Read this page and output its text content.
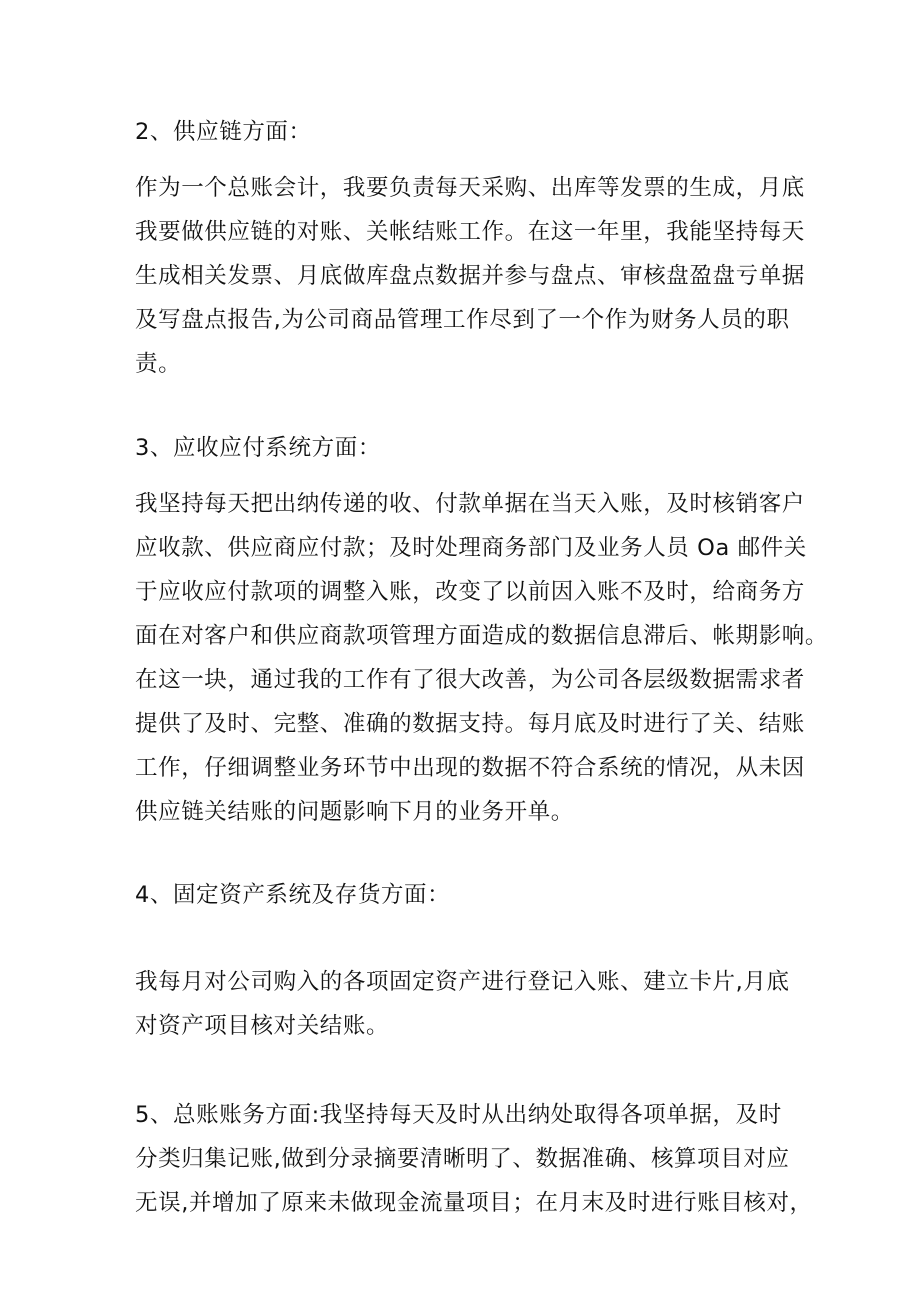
2、供应链方面：
作为一个总账会计，我要负责每天采购、出库等发票的生成，月底
我要做供应链的对账、关帐结账工作。在这一年里，我能坚持每天
生成相关发票、月底做库盘点数据并参与盘点、审核盘盈盘亏单据
及写盘点报告,为公司商品管理工作尽到了一个作为财务人员的职
责。
3、应收应付系统方面：
我坚持每天把出纳传递的收、付款单据在当天入账，及时核销客户
应收款、供应商应付款；及时处理商务部门及业务人员 Oa 邮件关
于应收应付款项的调整入账，改变了以前因入账不及时，给商务方
面在对客户和供应商款项管理方面造成的数据信息滞后、帐期影响。
在这一块，通过我的工作有了很大改善，为公司各层级数据需求者
提供了及时、完整、准确的数据支持。每月底及时进行了关、结账
工作，仔细调整业务环节中出现的数据不符合系统的情况，从未因
供应链关结账的问题影响下月的业务开单。
4、固定资产系统及存货方面：
我每月对公司购入的各项固定资产进行登记入账、建立卡片,月底
对资产项目核对关结账。
5、总账账务方面:我坚持每天及时从出纳处取得各项单据，及时
分类归集记账,做到分录摘要清晰明了、数据准确、核算项目对应
无误,并增加了原来未做现金流量项目；在月末及时进行账目核对，
